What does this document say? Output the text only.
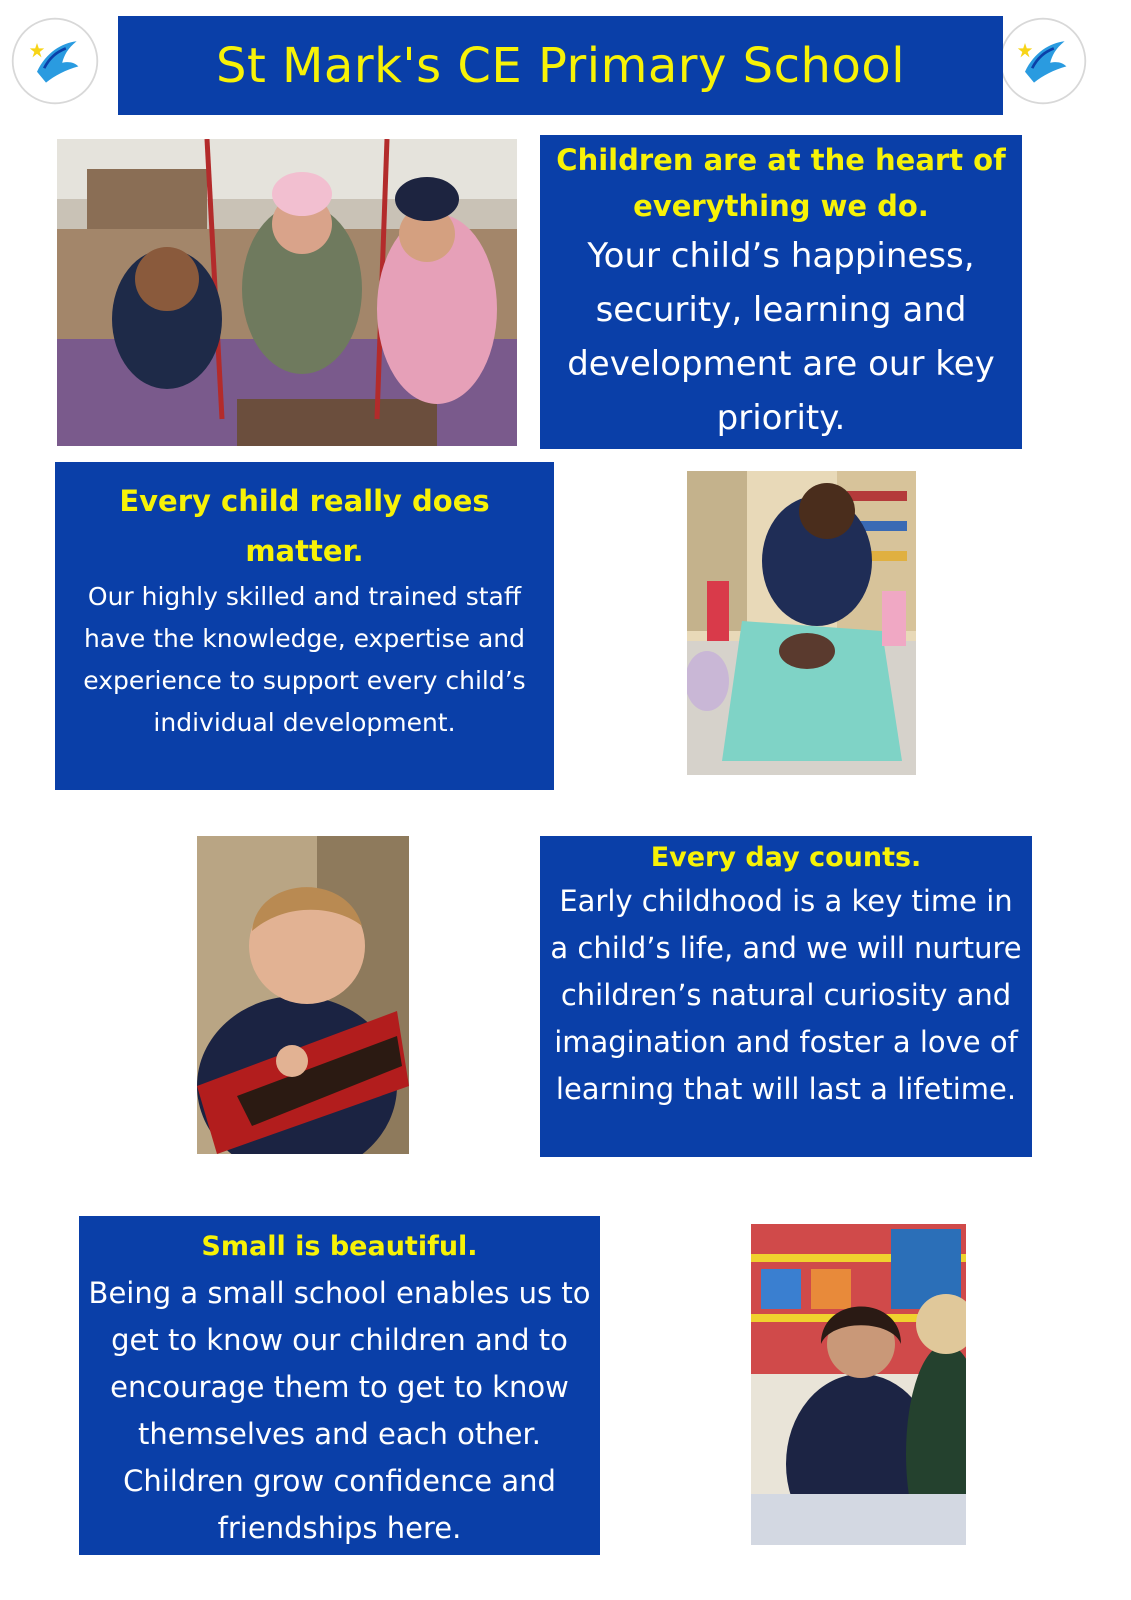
St Mark's CE Primary School

Children are at the heart of everything we do.

Your child’s happiness, security, learning and development are our key priority.

Every child really does matter.

Our highly skilled and trained staff have the knowledge, expertise and experience to support every child’s individual development.

Every day counts.

Early childhood is a key time in a child’s life, and we will nurture children’s natural curiosity and imagination and foster a love of learning that will last a lifetime.

Small is beautiful.

Being a small school enables us to get to know our children and to encourage them to get to know themselves and each other. Children grow confidence and friendships here.
